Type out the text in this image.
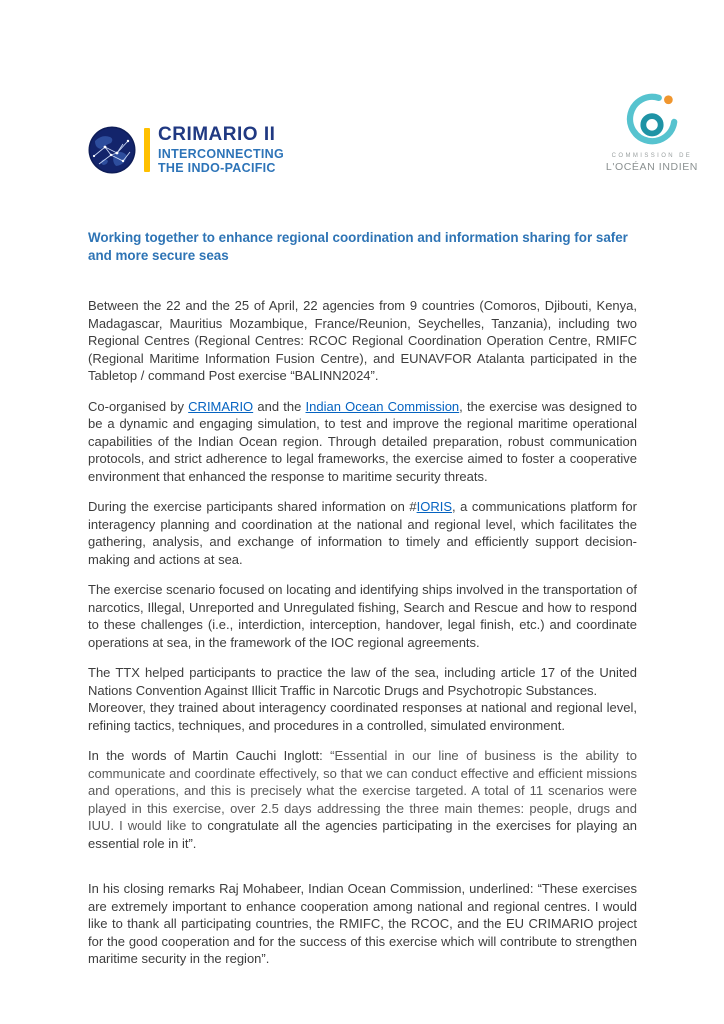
CRIMARIO II
INTERCONNECTING
THE INDO-PACIFIC
COMMISSION DE
L'OCÉAN INDIEN
Working together to enhance regional coordination and information sharing for safer and more secure seas

Between the 22 and the 25 of April, 22 agencies from 9 countries (Comoros, Djibouti, Kenya, Madagascar, Mauritius Mozambique, France/Reunion, Seychelles, Tanzania), including two Regional Centres (Regional Centres: RCOC Regional Coordination Operation Centre, RMIFC (Regional Maritime Information Fusion Centre), and EUNAVFOR Atalanta participated in the Tabletop / command Post exercise “BALINN2024”.

Co-organised by CRIMARIO and the Indian Ocean Commission, the exercise was designed to be a dynamic and engaging simulation, to test and improve the regional maritime operational capabilities of the Indian Ocean region. Through detailed preparation, robust communication protocols, and strict adherence to legal frameworks, the exercise aimed to foster a cooperative environment that enhanced the response to maritime security threats.

During the exercise participants shared information on #IORIS, a communications platform for interagency planning and coordination at the national and regional level, which facilitates the gathering, analysis, and exchange of information to timely and efficiently support decision-making and actions at sea.

The exercise scenario focused on locating and identifying ships involved in the transportation of narcotics, Illegal, Unreported and Unregulated fishing, Search and Rescue and how to respond to these challenges (i.e., interdiction, interception, handover, legal finish, etc.) and coordinate operations at sea, in the framework of the IOC regional agreements.

The TTX helped participants to practice the law of the sea, including article 17 of the United Nations Convention Against Illicit Traffic in Narcotic Drugs and Psychotropic Substances.
Moreover, they trained about interagency coordinated responses at national and regional level, refining tactics, techniques, and procedures in a controlled, simulated environment.

In the words of Martin Cauchi Inglott: “Essential in our line of business is the ability to communicate and coordinate effectively, so that we can conduct effective and efficient missions and operations, and this is precisely what the exercise targeted. A total of 11 scenarios were played in this exercise, over 2.5 days addressing the three main themes: people, drugs and IUU. I would like to congratulate all the agencies participating in the exercises for playing an essential role in it”.

In his closing remarks Raj Mohabeer, Indian Ocean Commission, underlined: “These exercises are extremely important to enhance cooperation among national and regional centres. I would like to thank all participating countries, the RMIFC, the RCOC, and the EU CRIMARIO project for the good cooperation and for the success of this exercise which will contribute to strengthen maritime security in the region”.
